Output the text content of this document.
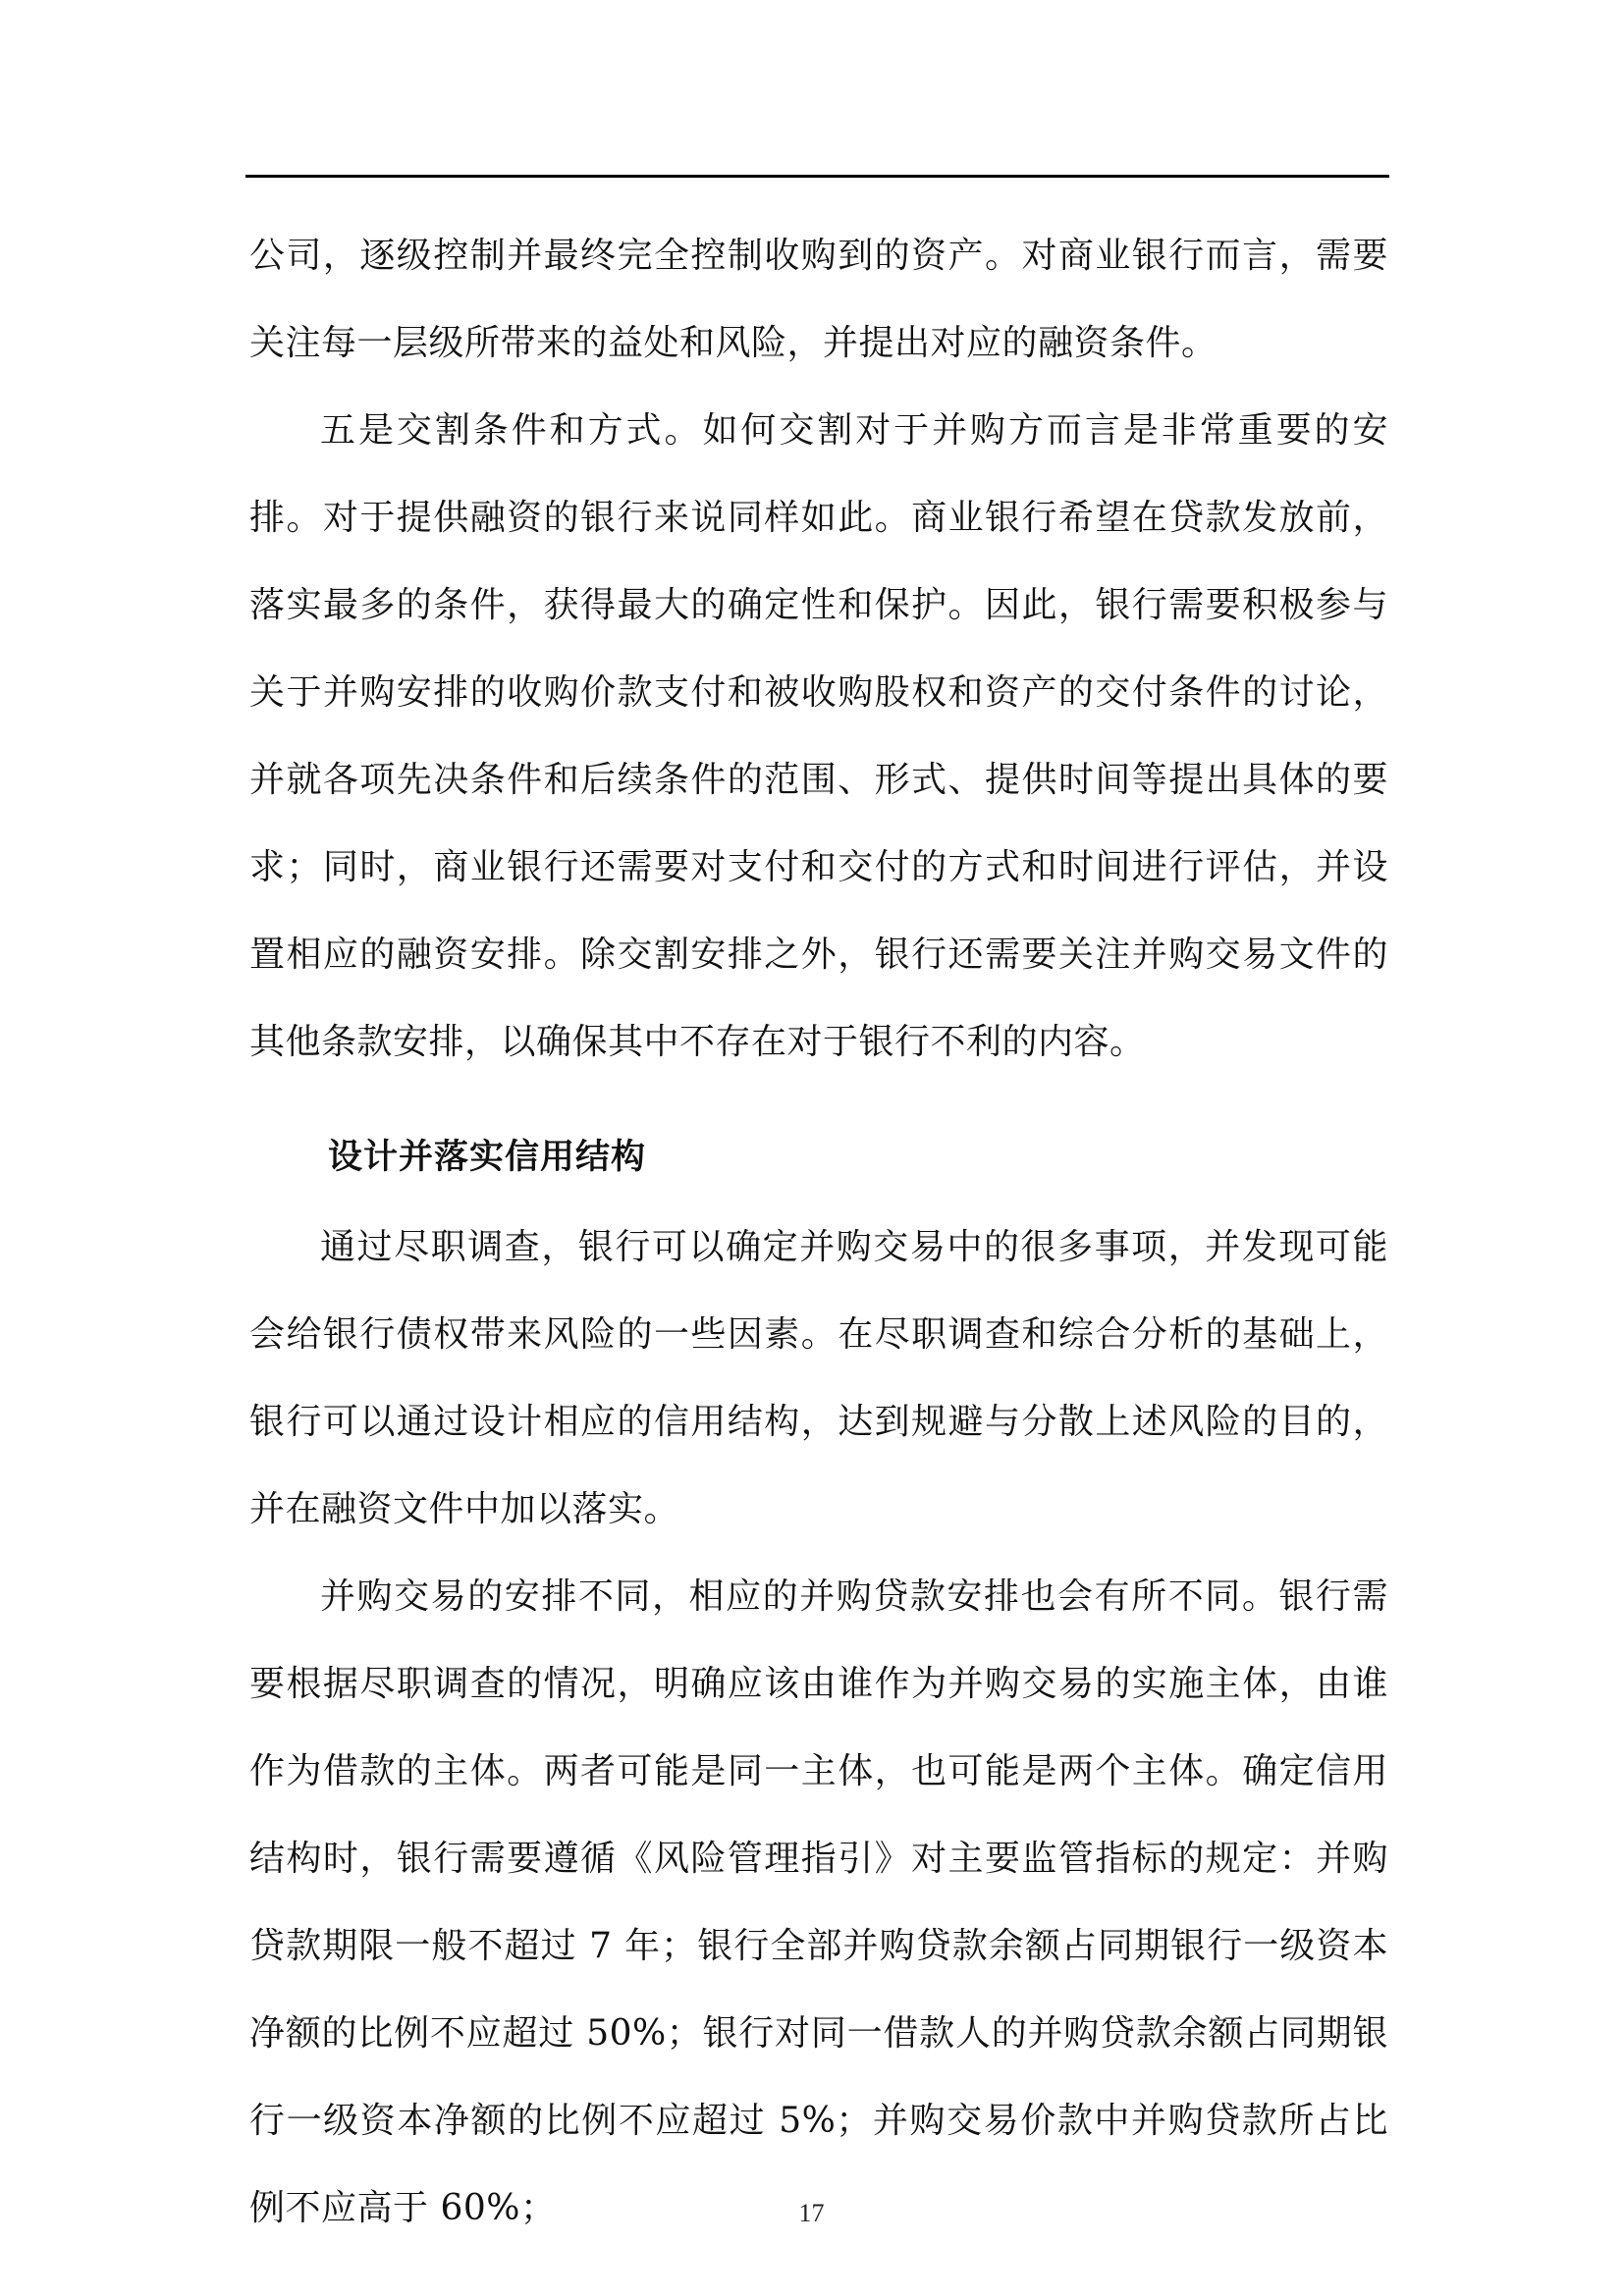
公司，逐级控制并最终完全控制收购到的资产。对商业银行而言，需要关注每一层级所带来的益处和风险，并提出对应的融资条件。

五是交割条件和方式。如何交割对于并购方而言是非常重要的安排。对于提供融资的银行来说同样如此。商业银行希望在贷款发放前，落实最多的条件，获得最大的确定性和保护。因此，银行需要积极参与关于并购安排的收购价款支付和被收购股权和资产的交付条件的讨论，并就各项先决条件和后续条件的范围、形式、提供时间等提出具体的要求；同时，商业银行还需要对支付和交付的方式和时间进行评估，并设置相应的融资安排。除交割安排之外，银行还需要关注并购交易文件的其他条款安排，以确保其中不存在对于银行不利的内容。

设计并落实信用结构

通过尽职调查，银行可以确定并购交易中的很多事项，并发现可能会给银行债权带来风险的一些因素。在尽职调查和综合分析的基础上，银行可以通过设计相应的信用结构，达到规避与分散上述风险的目的，并在融资文件中加以落实。

并购交易的安排不同，相应的并购贷款安排也会有所不同。银行需要根据尽职调查的情况，明确应该由谁作为并购交易的实施主体，由谁作为借款的主体。两者可能是同一主体，也可能是两个主体。确定信用结构时，银行需要遵循《风险管理指引》对主要监管指标的规定：并购贷款期限一般不超过 7 年；银行全部并购贷款余额占同期银行一级资本净额的比例不应超过 50%；银行对同一借款人的并购贷款余额占同期银行一级资本净额的比例不应超过 5%；并购交易价款中并购贷款所占比例不应高于 60%；	17
